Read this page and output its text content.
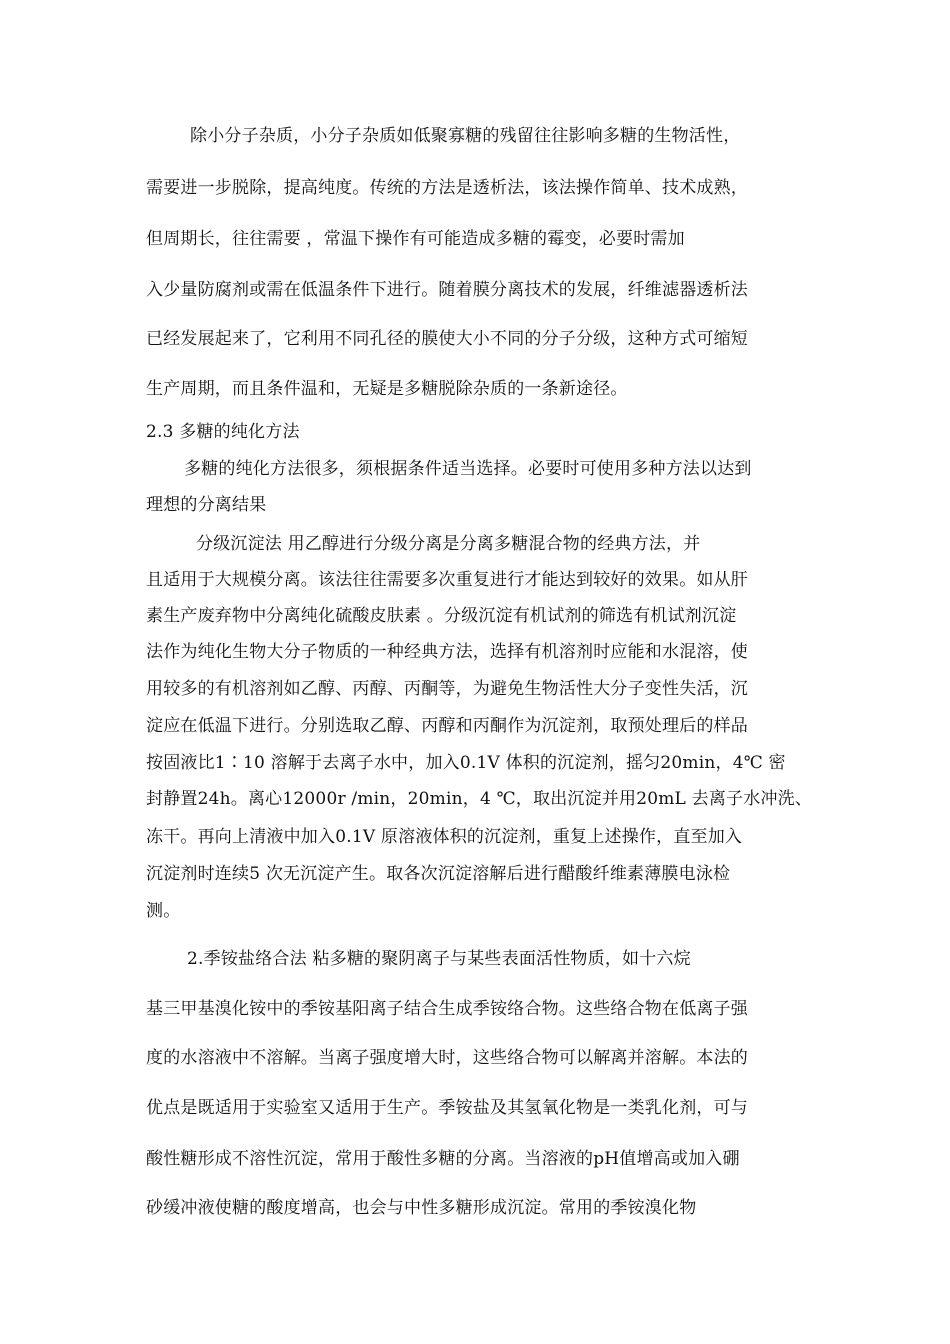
除小分子杂质，小分子杂质如低聚寡糖的残留往往影响多糖的生物活性，
需要进一步脱除，提高纯度。传统的方法是透析法，该法操作简单、技术成熟，
但周期长，往往需要 ，常温下操作有可能造成多糖的霉变，必要时需加
入少量防腐剂或需在低温条件下进行。随着膜分离技术的发展，纤维滤器透析法
已经发展起来了，它利用不同孔径的膜使大小不同的分子分级，这种方式可缩短
生产周期，而且条件温和，无疑是多糖脱除杂质的一条新途径。
2.3 多糖的纯化方法
多糖的纯化方法很多，须根据条件适当选择。必要时可使用多种方法以达到
理想的分离结果
分级沉淀法 用乙醇进行分级分离是分离多糖混合物的经典方法，并
且适用于大规模分离。该法往往需要多次重复进行才能达到较好的效果。如从肝
素生产废弃物中分离纯化硫酸皮肤素 。分级沉淀有机试剂的筛选有机试剂沉淀
法作为纯化生物大分子物质的一种经典方法，选择有机溶剂时应能和水混溶，使
用较多的有机溶剂如乙醇、丙醇、丙酮等，为避免生物活性大分子变性失活，沉
淀应在低温下进行。分别选取乙醇、丙醇和丙酮作为沉淀剂，取预处理后的样品
按固液比1∶10 溶解于去离子水中，加入0.1V 体积的沉淀剂，摇匀20min，4℃ 密
封静置24h。离心12000r /min，20min，4 ℃，取出沉淀并用20mL 去离子水冲洗、
冻干。再向上清液中加入0.1V 原溶液体积的沉淀剂，重复上述操作，直至加入
沉淀剂时连续5 次无沉淀产生。取各次沉淀溶解后进行醋酸纤维素薄膜电泳检
测。
2.季铵盐络合法 粘多糖的聚阴离子与某些表面活性物质，如十六烷
基三甲基溴化铵中的季铵基阳离子结合生成季铵络合物。这些络合物在低离子强
度的水溶液中不溶解。当离子强度增大时，这些络合物可以解离并溶解。本法的
优点是既适用于实验室又适用于生产。季铵盐及其氢氧化物是一类乳化剂，可与
酸性糖形成不溶性沉淀，常用于酸性多糖的分离。当溶液的pH值增高或加入硼
砂缓冲液使糖的酸度增高，也会与中性多糖形成沉淀。常用的季铵溴化物
